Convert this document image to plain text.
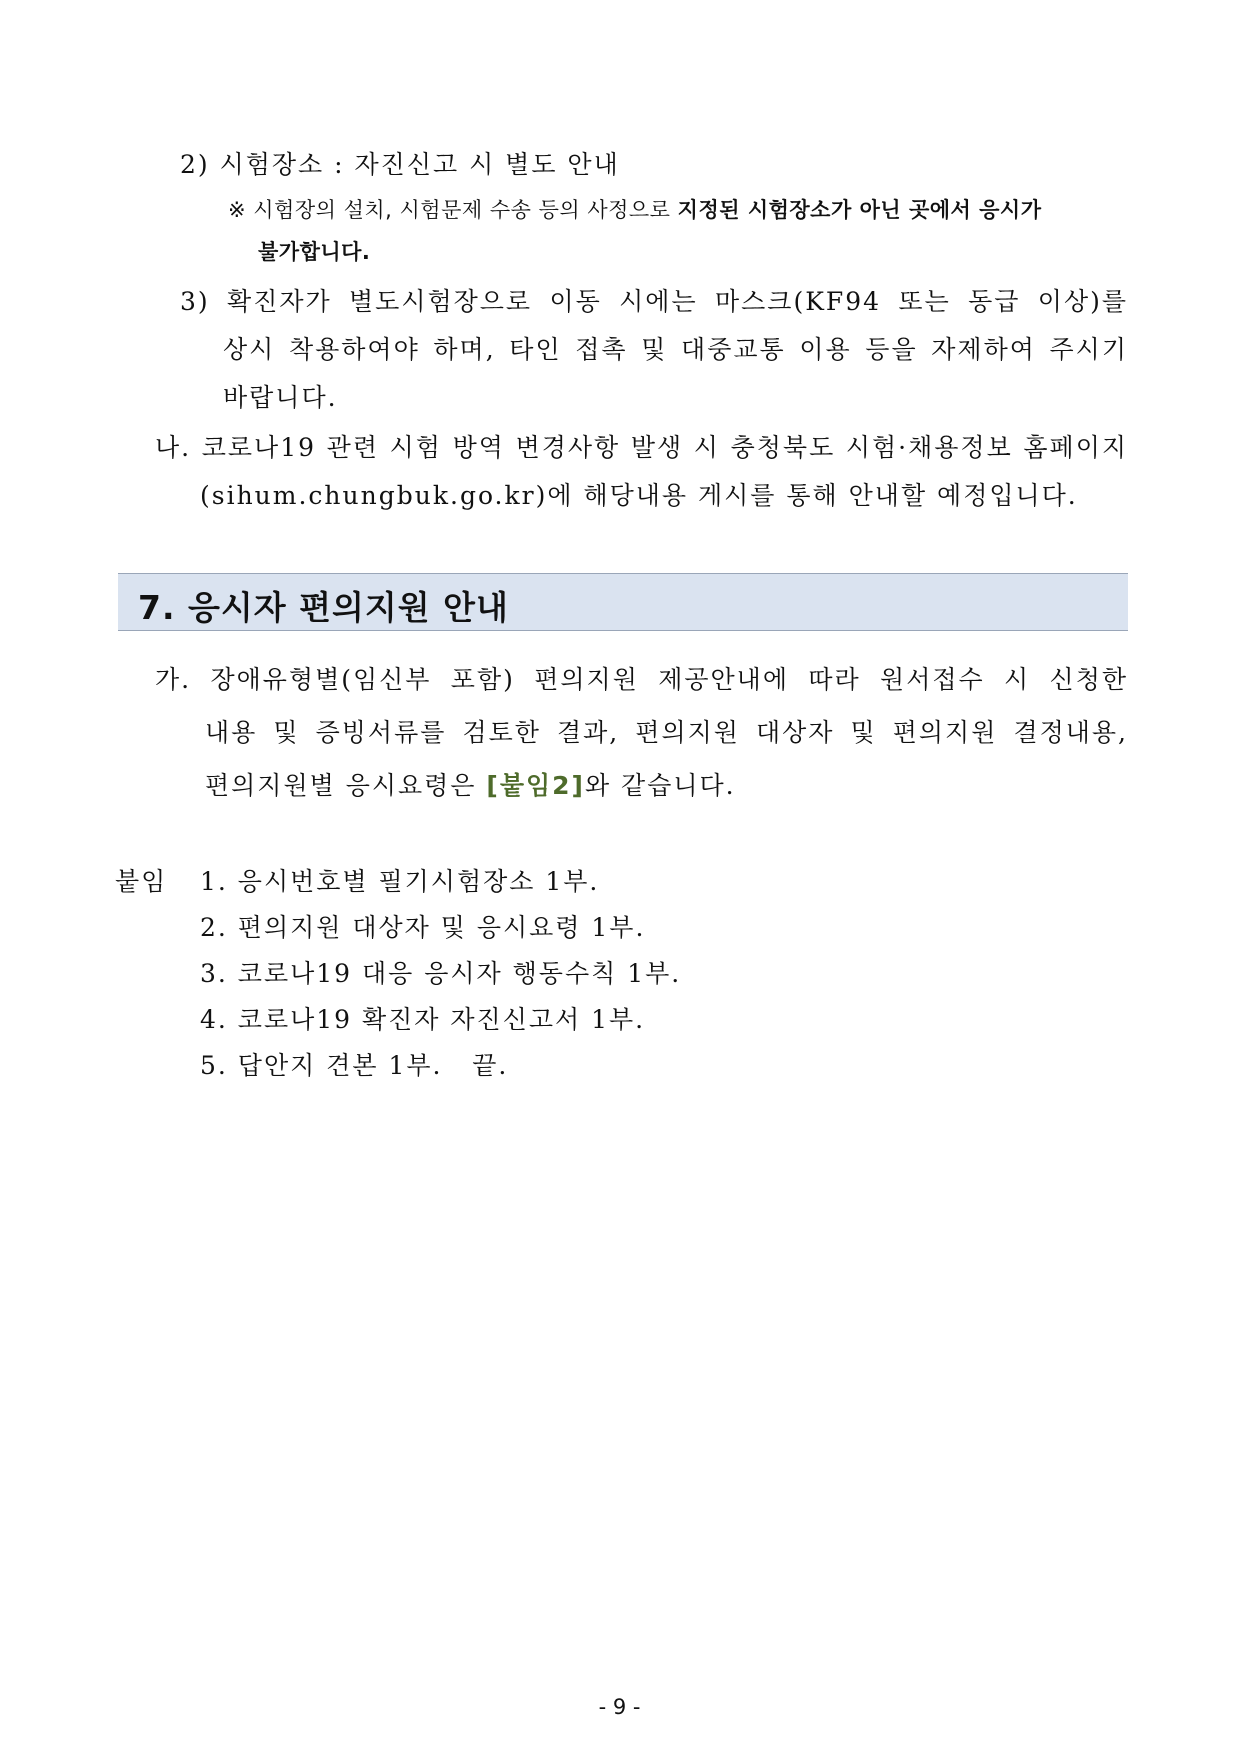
2) 시험장소 : 자진신고 시 별도 안내
※ 시험장의 설치, 시험문제 수송 등의 사정으로 지정된 시험장소가 아닌 곳에서 응시가
불가합니다.
3) 확진자가 별도시험장으로 이동 시에는 마스크(KF94 또는 동급 이상)를
상시 착용하여야 하며, 타인 접촉 및 대중교통 이용 등을 자제하여 주시기
바랍니다.
나. 코로나19 관련 시험 방역 변경사항 발생 시 충청북도 시험·채용정보 홈페이지
(sihum.chungbuk.go.kr)에 해당내용 게시를 통해 안내할 예정입니다.
7. 응시자 편의지원 안내
가. 장애유형별(임신부 포함) 편의지원 제공안내에 따라 원서접수 시 신청한
내용 및 증빙서류를 검토한 결과, 편의지원 대상자 및 편의지원 결정내용,
편의지원별 응시요령은 [붙임2]와 같습니다.
붙임 1. 응시번호별 필기시험장소 1부.
2. 편의지원 대상자 및 응시요령 1부.
3. 코로나19 대응 응시자 행동수칙 1부.
4. 코로나19 확진자 자진신고서 1부.
5. 답안지 견본 1부.   끝.
- 9 -
